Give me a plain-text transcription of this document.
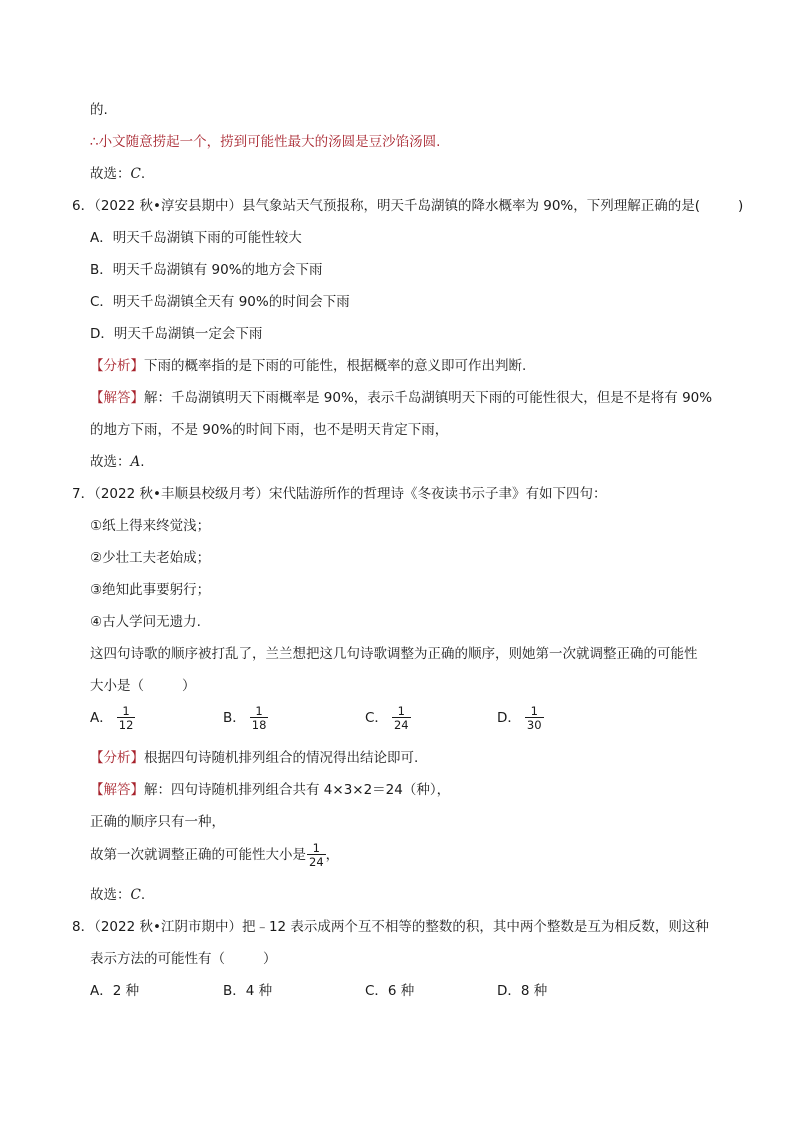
的.
∴小文随意捞起一个，捞到可能性最大的汤圆是豆沙馅汤圆.
故选：C.
6．（2022 秋•淳安县期中）县气象站天气预报称，明天千岛湖镇的降水概率为 90%，下列理解正确的是(	)
A．明天千岛湖镇下雨的可能性较大
B．明天千岛湖镇有 90%的地方会下雨
C．明天千岛湖镇全天有 90%的时间会下雨
D．明天千岛湖镇一定会下雨
【分析】下雨的概率指的是下雨的可能性，根据概率的意义即可作出判断.
【解答】解：千岛湖镇明天下雨概率是 90%，表示千岛湖镇明天下雨的可能性很大，但是不是将有 90%
的地方下雨，不是 90%的时间下雨，也不是明天肯定下雨，
故选：A.
7．（2022 秋•丰顺县校级月考）宋代陆游所作的哲理诗《冬夜读书示子聿》有如下四句：
①纸上得来终觉浅；
②少壮工夫老始成；
③绝知此事要躬行；
④古人学问无遗力.
这四句诗歌的顺序被打乱了，兰兰想把这几句诗歌调整为正确的顺序，则她第一次就调整正确的可能性
大小是（	）
A． $\frac{1}{12}$	B． $\frac{1}{18}$	C． $\frac{1}{24}$	D． $\frac{1}{30}$
【分析】根据四句诗随机排列组合的情况得出结论即可.
【解答】解：四句诗随机排列组合共有 4×3×2＝24（种），
正确的顺序只有一种，
故第一次就调整正确的可能性大小是 $\frac{1}{24}$ ，
故选：C.
8．（2022 秋•江阴市期中）把﹣12 表示成两个互不相等的整数的积，其中两个整数是互为相反数，则这种
表示方法的可能性有（	）
A．2 种	B．4 种	C．6 种	D．8 种
